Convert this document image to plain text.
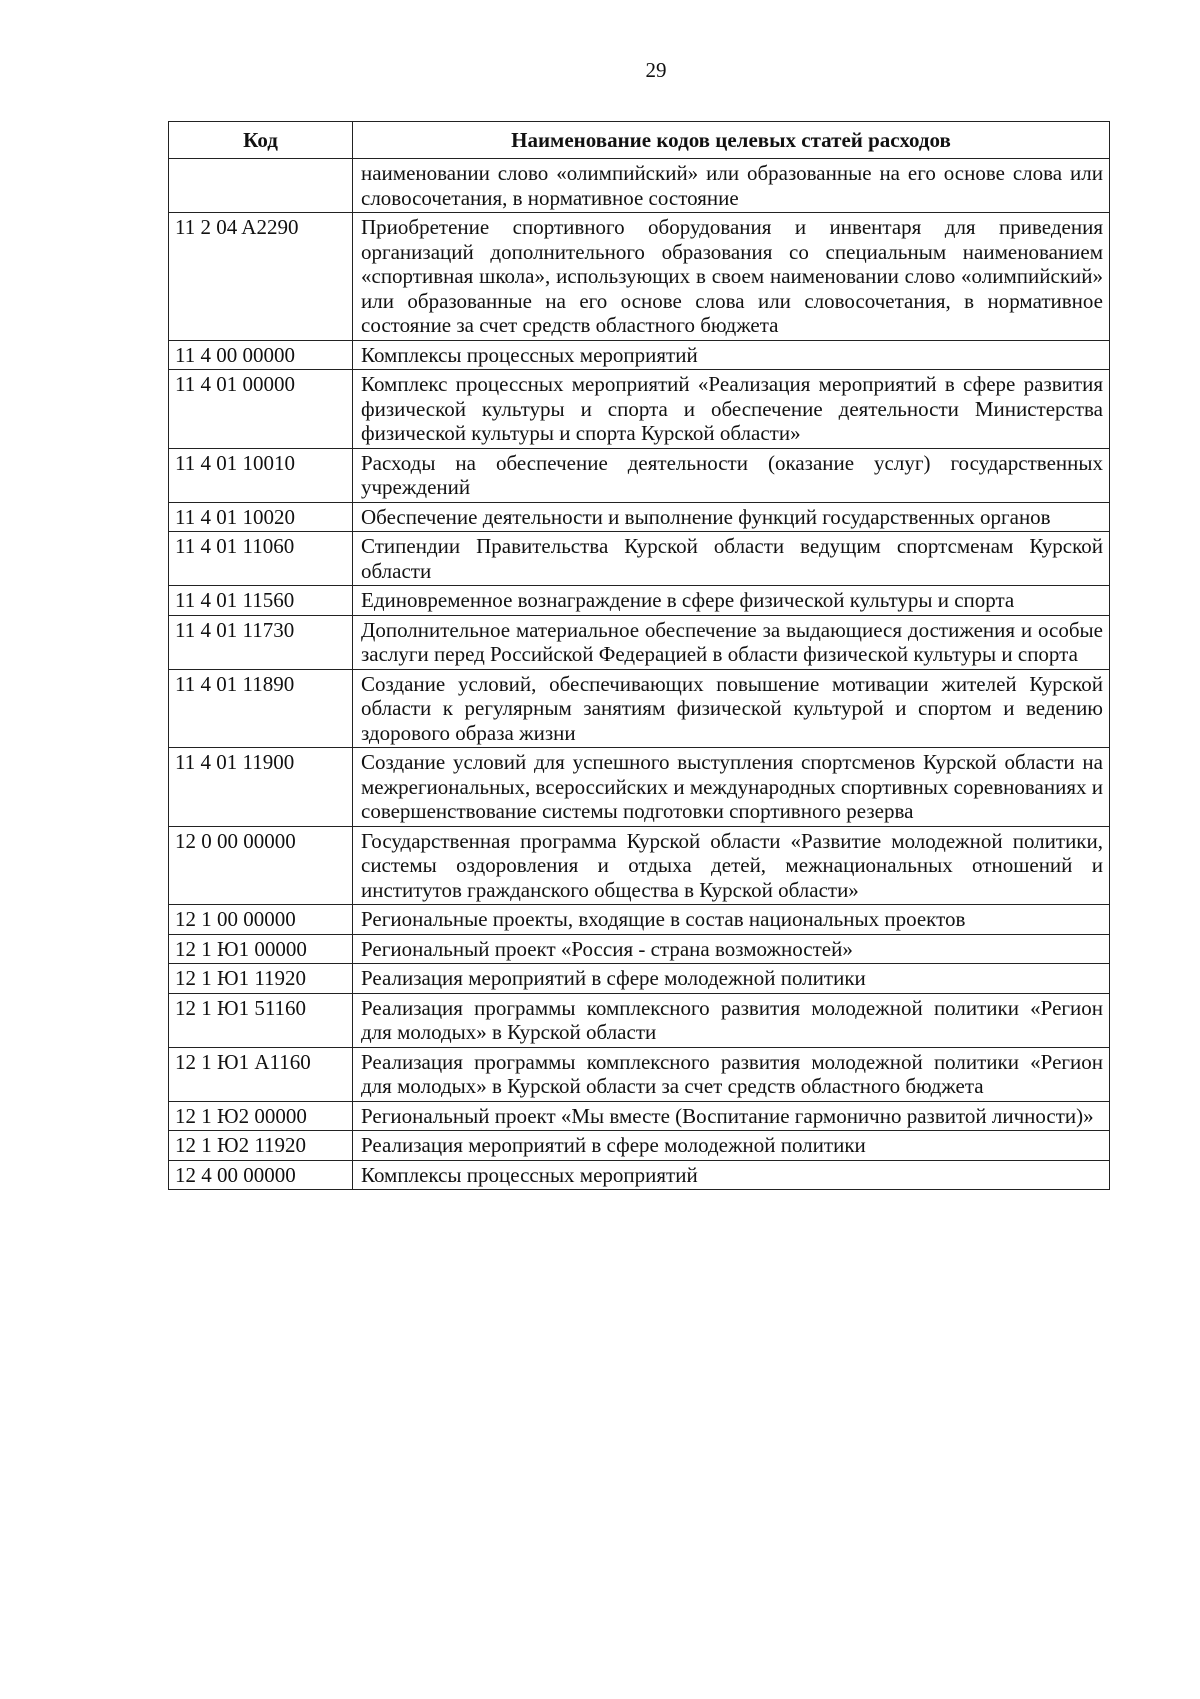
29
Код	Наименование кодов целевых статей расходов
	наименовании слово «олимпийский» или образованные на его основе слова или словосочетания, в нормативное состояние
11 2 04 A2290	Приобретение спортивного оборудования и инвентаря для приведения организаций дополнительного образования со специальным наименованием «спортивная школа», использующих в своем наименовании слово «олимпийский» или образованные на его основе слова или словосочетания, в нормативное состояние за счет средств областного бюджета
11 4 00 00000	Комплексы процессных мероприятий
11 4 01 00000	Комплекс процессных мероприятий «Реализация мероприятий в сфере развития физической культуры и спорта и обеспечение деятельности Министерства физической культуры и спорта Курской области»
11 4 01 10010	Расходы на обеспечение деятельности (оказание услуг) государственных учреждений
11 4 01 10020	Обеспечение деятельности и выполнение функций государственных органов
11 4 01 11060	Стипендии Правительства Курской области ведущим спортсменам Курской области
11 4 01 11560	Единовременное вознаграждение в сфере физической культуры и спорта
11 4 01 11730	Дополнительное материальное обеспечение за выдающиеся достижения и особые заслуги перед Российской Федерацией в области физической культуры и спорта
11 4 01 11890	Создание условий, обеспечивающих повышение мотивации жителей Курской области к регулярным занятиям физической культурой и спортом и ведению здорового образа жизни
11 4 01 11900	Создание условий для успешного выступления спортсменов Курской области на межрегиональных, всероссийских и международных спортивных соревнованиях и совершенствование системы подготовки спортивного резерва
12 0 00 00000	Государственная программа Курской области «Развитие молодежной политики, системы оздоровления и отдыха детей, межнациональных отношений и институтов гражданского общества в Курской области»
12 1 00 00000	Региональные проекты, входящие в состав национальных проектов
12 1 Ю1 00000	Региональный проект «Россия - страна возможностей»
12 1 Ю1 11920	Реализация мероприятий в сфере молодежной политики
12 1 Ю1 51160	Реализация программы комплексного развития молодежной политики «Регион для молодых» в Курской области
12 1 Ю1 A1160	Реализация программы комплексного развития молодежной политики «Регион для молодых» в Курской области за счет средств областного бюджета
12 1 Ю2 00000	Региональный проект «Мы вместе (Воспитание гармонично развитой личности)»
12 1 Ю2 11920	Реализация мероприятий в сфере молодежной политики
12 4 00 00000	Комплексы процессных мероприятий
